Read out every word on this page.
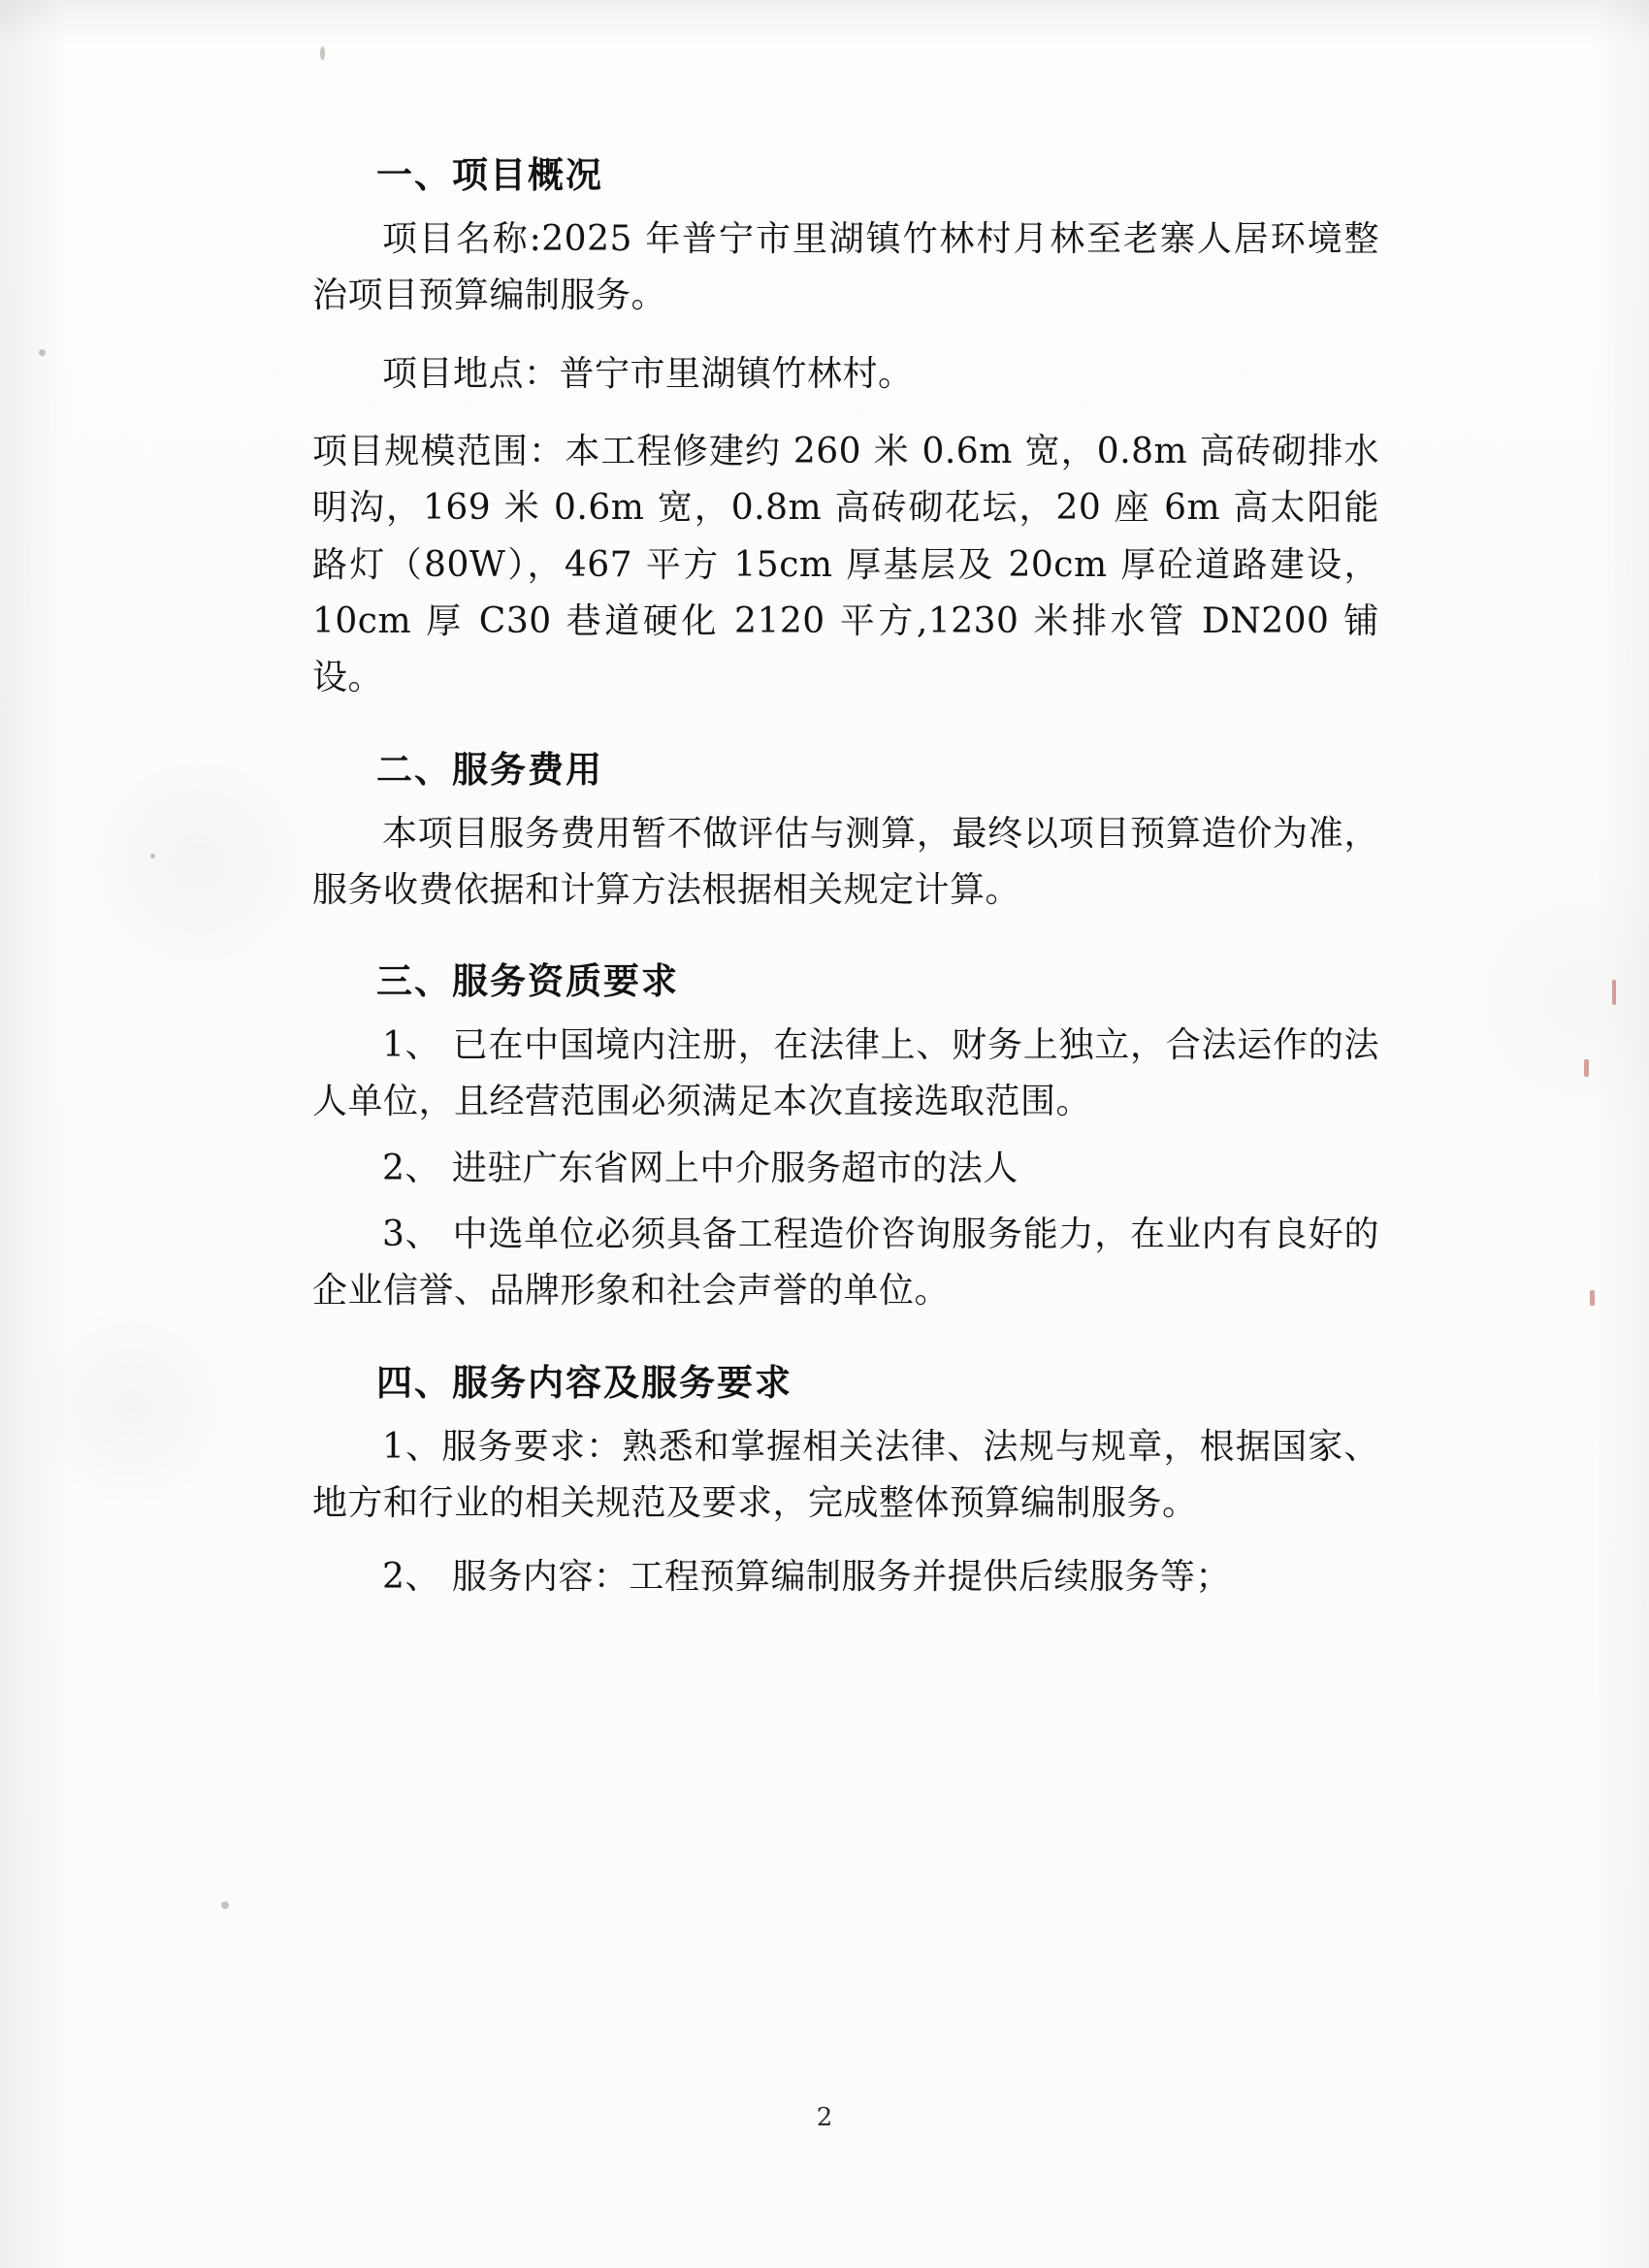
一、项目概况

项目名称:2025 年普宁市里湖镇竹林村月林至老寨人居环境整治项目预算编制服务。

项目地点：普宁市里湖镇竹林村。

项目规模范围：本工程修建约 260 米 0.6m 宽，0.8m 高砖砌排水明沟，169 米 0.6m 宽，0.8m 高砖砌花坛，20 座 6m 高太阳能路灯（80W），467 平方 15cm 厚基层及 20cm 厚砼道路建设，10cm 厚 C30 巷道硬化 2120 平方,1230 米排水管 DN200 铺设。

二、服务费用

本项目服务费用暂不做评估与测算，最终以项目预算造价为准，服务收费依据和计算方法根据相关规定计算。

三、服务资质要求

1、 已在中国境内注册，在法律上、财务上独立，合法运作的法人单位，且经营范围必须满足本次直接选取范围。

2、 进驻广东省网上中介服务超市的法人

3、 中选单位必须具备工程造价咨询服务能力，在业内有良好的企业信誉、品牌形象和社会声誉的单位。

四、服务内容及服务要求

1、服务要求：熟悉和掌握相关法律、法规与规章，根据国家、地方和行业的相关规范及要求，完成整体预算编制服务。

2、 服务内容：工程预算编制服务并提供后续服务等；

2
